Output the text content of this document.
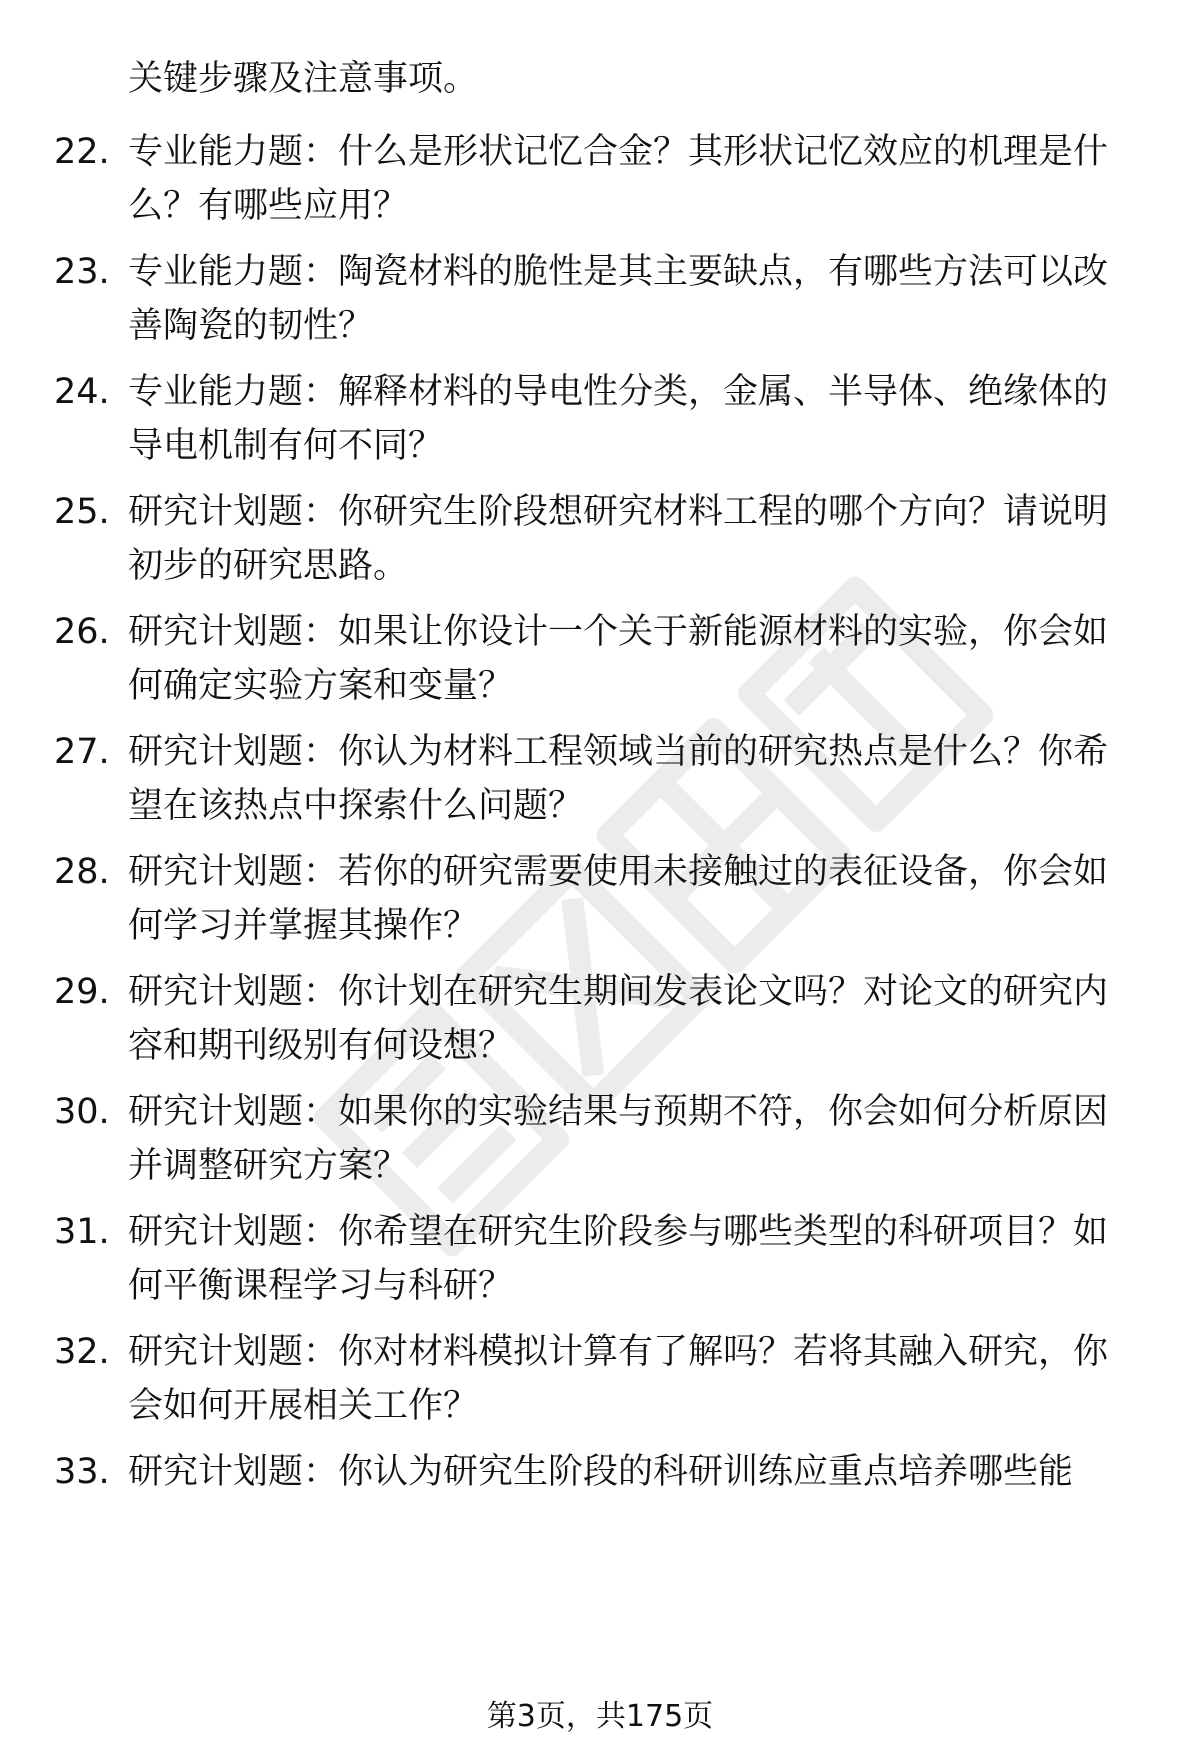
关键步骤及注意事项。
22. 专业能力题：什么是形状记忆合金？其形状记忆效应的机理是什么？有哪些应用？
23. 专业能力题：陶瓷材料的脆性是其主要缺点，有哪些方法可以改善陶瓷的韧性？
24. 专业能力题：解释材料的导电性分类，金属、半导体、绝缘体的导电机制有何不同？
25. 研究计划题：你研究生阶段想研究材料工程的哪个方向？请说明初步的研究思路。
26. 研究计划题：如果让你设计一个关于新能源材料的实验，你会如何确定实验方案和变量？
27. 研究计划题：你认为材料工程领域当前的研究热点是什么？你希望在该热点中探索什么问题？
28. 研究计划题：若你的研究需要使用未接触过的表征设备，你会如何学习并掌握其操作？
29. 研究计划题：你计划在研究生期间发表论文吗？对论文的研究内容和期刊级别有何设想？
30. 研究计划题：如果你的实验结果与预期不符，你会如何分析原因并调整研究方案？
31. 研究计划题：你希望在研究生阶段参与哪些类型的科研项目？如何平衡课程学习与科研？
32. 研究计划题：你对材料模拟计算有了解吗？若将其融入研究，你会如何开展相关工作？
33. 研究计划题：你认为研究生阶段的科研训练应重点培养哪些能
第3页，共175页
